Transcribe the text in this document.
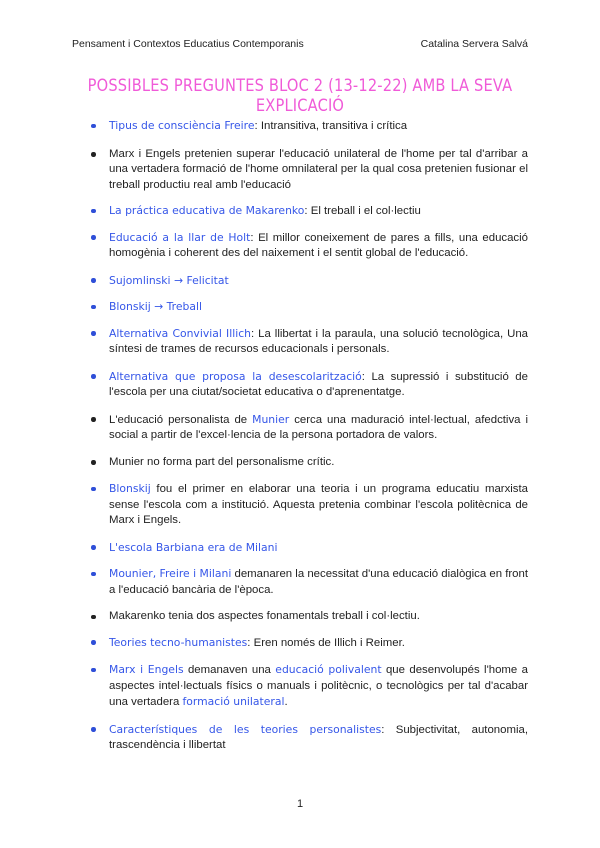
Pensament i Contextos Educatius Contemporanis	Catalina Servera Salvá
POSSIBLES PREGUNTES BLOC 2 (13-12-22) AMB LA SEVA EXPLICACIÓ
Tipus de consciència Freire: Intransitiva, transitiva i crítica
Marx i Engels pretenien superar l'educació unilateral de l'home per tal d'arribar a una vertadera formació de l'home omnilateral per la qual cosa pretenien fusionar el treball productiu real amb l'educació
La práctica educativa de Makarenko: El treball i el col·lectiu
Educació a la llar de Holt: El millor coneixement de pares a fills, una educació homogènia i coherent des del naixement i el sentit global de l'educació.
Sujomlinski → Felicitat
Blonskij → Treball
Alternativa Convivial Illich: La llibertat i la paraula, una solució tecnològica, Una síntesi de trames de recursos educacionals i personals.
Alternativa que proposa la desescolarització: La supressió i substitució de l'escola per una ciutat/societat educativa o d'aprenentatge.
L'educació personalista de Munier cerca una maduració intel·lectual, afedctiva i social a partir de l'excel·lencia de la persona portadora de valors.
Munier no forma part del personalisme crític.
Blonskij fou el primer en elaborar una teoria i un programa educatiu marxista sense l'escola com a institució. Aquesta pretenia combinar l'escola politècnica de Marx i Engels.
L'escola Barbiana era de Milani
Mounier, Freire i Milani demanaren la necessitat d'una educació dialògica en front a l'educació bancària de l'època.
Makarenko tenia dos aspectes fonamentals treball i col·lectiu.
Teories tecno-humanistes: Eren només de Illich i Reimer.
Marx i Engels demanaven una educació polivalent que desenvolupés l'home a aspectes intel·lectuals físics o manuals i politècnic, o tecnològics per tal d'acabar una vertadera formació unilateral.
Característiques de les teories personalistes: Subjectivitat, autonomia, trascendència i llibertat
1
